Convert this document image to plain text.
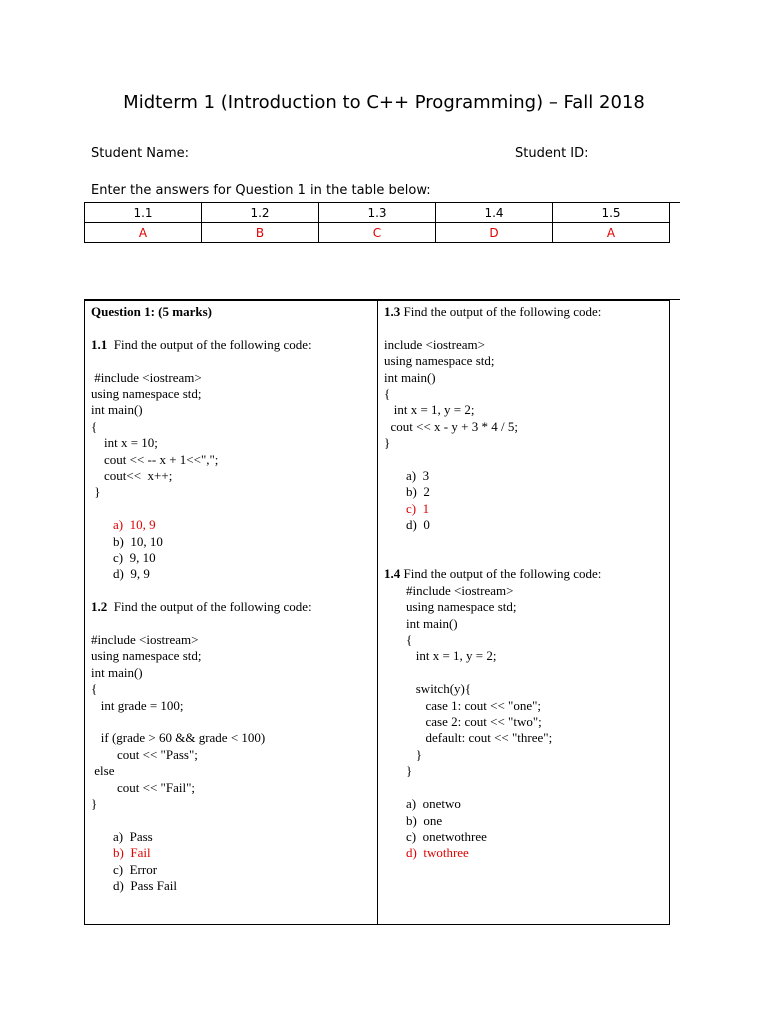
Midterm 1 (Introduction to C++ Programming) – Fall 2018
Student Name:	Student ID:
Enter the answers for Question 1 in the table below:
1.1	1.2	1.3	1.4	1.5
A	B	C	D	A
Question 1: (5 marks)
1.1 Find the output of the following code:
#include <iostream>
using namespace std;
int main()
{
int x = 10;
cout << -- x + 1<<",";
cout<<  x++;
}
a) 10, 9
b) 10, 10
c) 9, 10
d) 9, 9
1.2 Find the output of the following code:
#include <iostream>
using namespace std;
int main()
{
int grade = 100;
if (grade > 60 && grade < 100)
cout << "Pass";
else
cout << "Fail";
}
a) Pass
b) Fail
c) Error
d) Pass Fail
1.3 Find the output of the following code:
include <iostream>
using namespace std;
int main()
{
int x = 1, y = 2;
cout << x - y + 3 * 4 / 5;
}
a) 3
b) 2
c) 1
d) 0
1.4 Find the output of the following code:
#include <iostream>
using namespace std;
int main()
{
int x = 1, y = 2;
switch(y){
case 1: cout << "one";
case 2: cout << "two";
default: cout << "three";
}
}
a) onetwo
b) one
c) onetwothree
d) twothree
